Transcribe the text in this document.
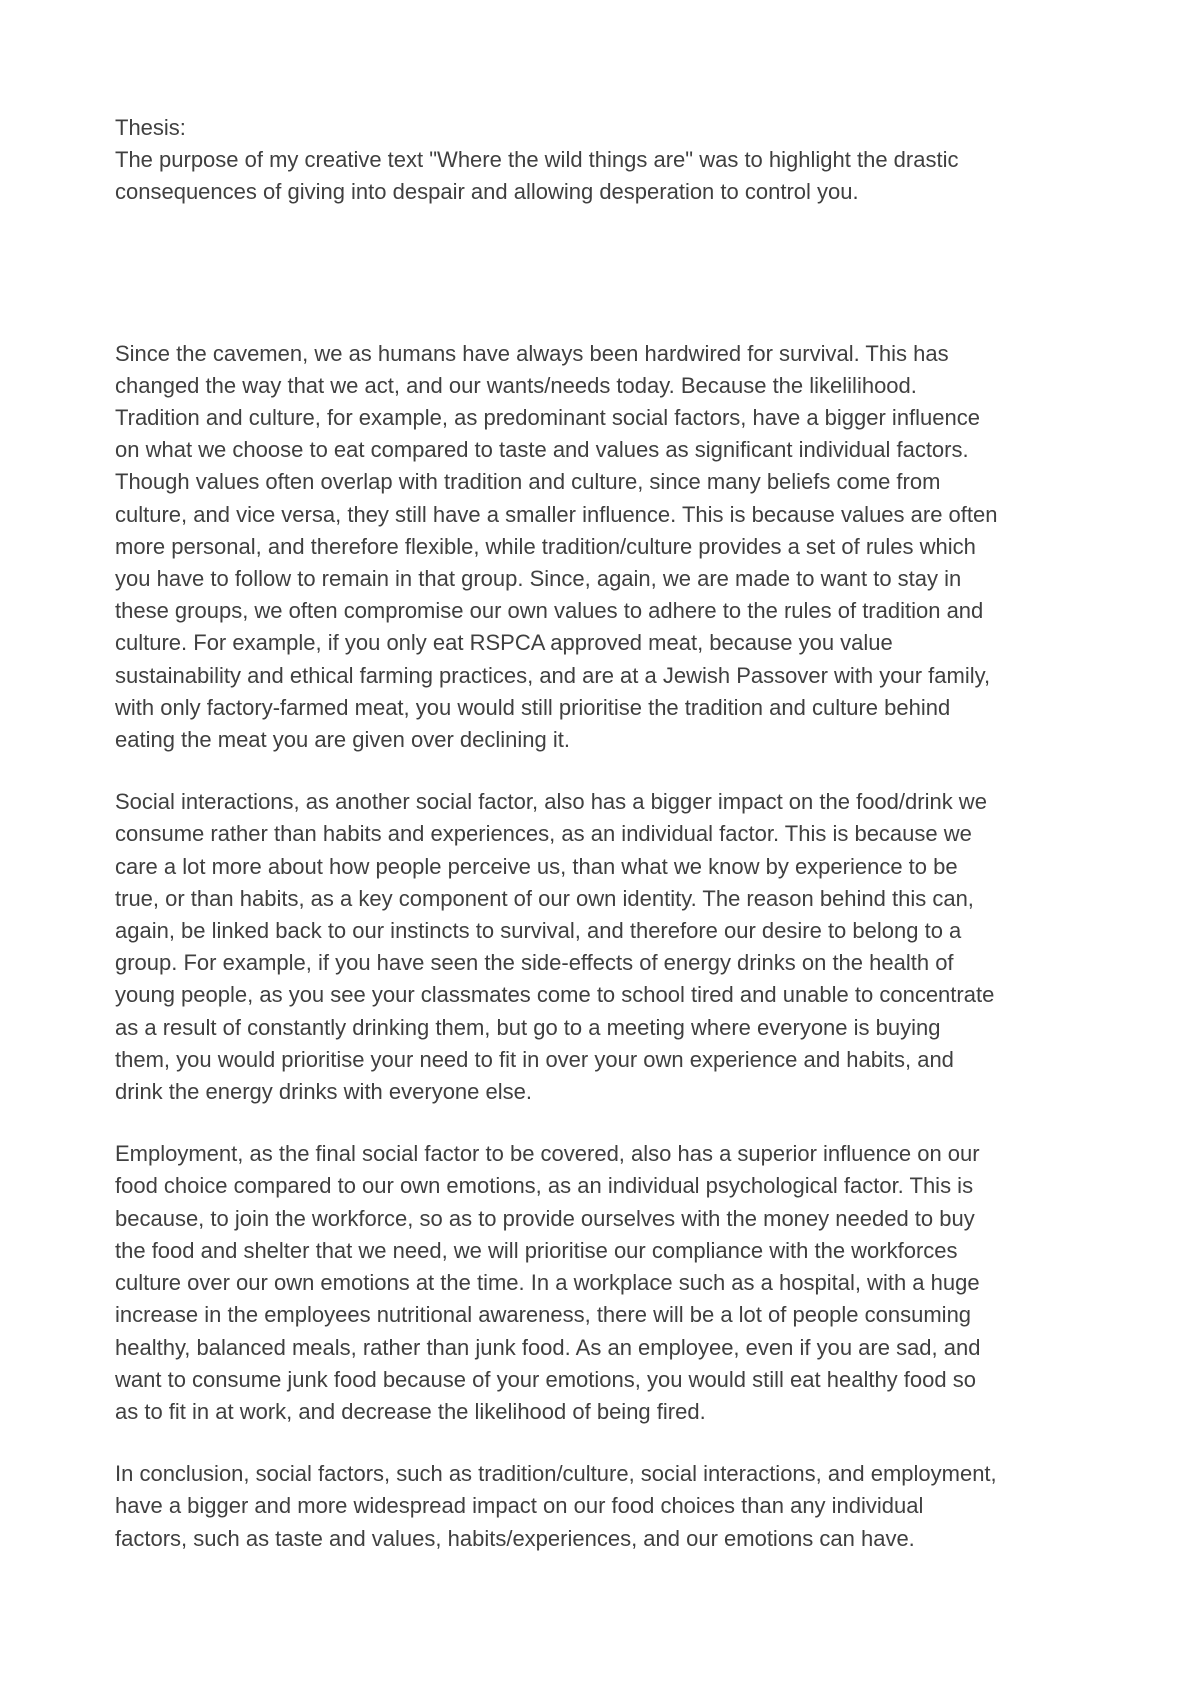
Thesis:
The purpose of my creative text "Where the wild things are" was to highlight the drastic
consequences of giving into despair and allowing desperation to control you.
Since the cavemen, we as humans have always been hardwired for survival. This has
changed the way that we act, and our wants/needs today. Because the likelilihood.
Tradition and culture, for example, as predominant social factors, have a bigger influence
on what we choose to eat compared to taste and values as significant individual factors.
Though values often overlap with tradition and culture, since many beliefs come from
culture, and vice versa, they still have a smaller influence. This is because values are often
more personal, and therefore flexible, while tradition/culture provides a set of rules which
you have to follow to remain in that group. Since, again, we are made to want to stay in
these groups, we often compromise our own values to adhere to the rules of tradition and
culture. For example, if you only eat RSPCA approved meat, because you value
sustainability and ethical farming practices, and are at a Jewish Passover with your family,
with only factory-farmed meat, you would still prioritise the tradition and culture behind
eating the meat you are given over declining it.
Social interactions, as another social factor, also has a bigger impact on the food/drink we
consume rather than habits and experiences, as an individual factor. This is because we
care a lot more about how people perceive us, than what we know by experience to be
true, or than habits, as a key component of our own identity. The reason behind this can,
again, be linked back to our instincts to survival, and therefore our desire to belong to a
group. For example, if you have seen the side-effects of energy drinks on the health of
young people, as you see your classmates come to school tired and unable to concentrate
as a result of constantly drinking them, but go to a meeting where everyone is buying
them, you would prioritise your need to fit in over your own experience and habits, and
drink the energy drinks with everyone else.
Employment, as the final social factor to be covered, also has a superior influence on our
food choice compared to our own emotions, as an individual psychological factor. This is
because, to join the workforce, so as to provide ourselves with the money needed to buy
the food and shelter that we need, we will prioritise our compliance with the workforces
culture over our own emotions at the time. In a workplace such as a hospital, with a huge
increase in the employees nutritional awareness, there will be a lot of people consuming
healthy, balanced meals, rather than junk food. As an employee, even if you are sad, and
want to consume junk food because of your emotions, you would still eat healthy food so
as to fit in at work, and decrease the likelihood of being fired.
In conclusion, social factors, such as tradition/culture, social interactions, and employment,
have a bigger and more widespread impact on our food choices than any individual
factors, such as taste and values, habits/experiences, and our emotions can have.
